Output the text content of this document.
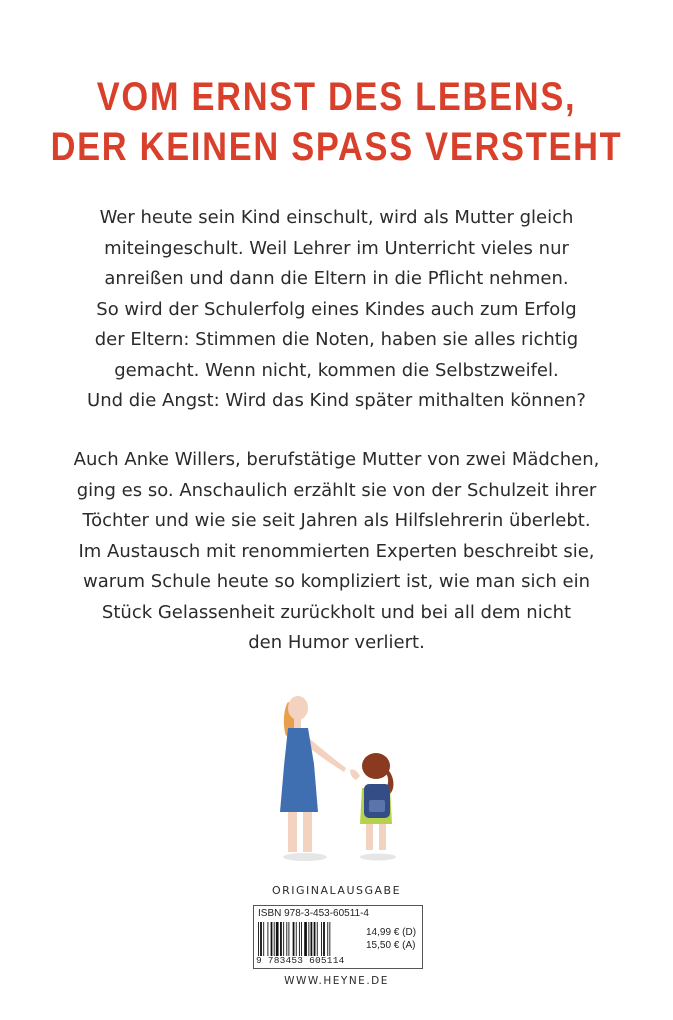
VOM ERNST DES LEBENS,
DER KEINEN SPASS VERSTEHT
Wer heute sein Kind einschult, wird als Mutter gleich
miteingeschult. Weil Lehrer im Unterricht vieles nur
anreißen und dann die Eltern in die Pflicht nehmen.
So wird der Schulerfolg eines Kindes auch zum Erfolg
der Eltern: Stimmen die Noten, haben sie alles richtig
gemacht. Wenn nicht, kommen die Selbstzweifel.
Und die Angst: Wird das Kind später mithalten können?
Auch Anke Willers, berufstätige Mutter von zwei Mädchen,
ging es so. Anschaulich erzählt sie von der Schulzeit ihrer
Töchter und wie sie seit Jahren als Hilfslehrerin überlebt.
Im Austausch mit renommierten Experten beschreibt sie,
warum Schule heute so kompliziert ist, wie man sich ein
Stück Gelassenheit zurückholt und bei all dem nicht
den Humor verliert.
ORIGINALAUSGABE
ISBN 978-3-453-60511-4
9 783453 605114
14,99 € (D)
15,50 € (A)
WWW.HEYNE.DE
